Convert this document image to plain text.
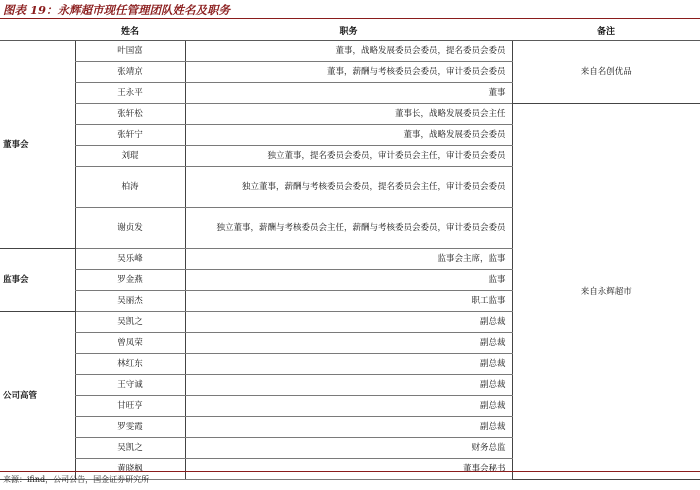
图表 19：永辉超市现任管理团队姓名及职务
	姓名	职务	备注
董事会	叶国富	董事，战略发展委员会委员，提名委员会委员	来自名创优品
	张靖京	董事，薪酬与考核委员会委员，审计委员会委员	
	王永平	董事	
	张轩松	董事长，战略发展委员会主任	来自永辉超市
	张轩宁	董事，战略发展委员会委员	
	刘琨	独立董事，提名委员会委员，审计委员会主任，审计委员会委员	
	柏涛	独立董事，薪酬与考核委员会委员，提名委员会主任，审计委员会委员	
	谢贞发	独立董事，薪酬与考核委员会主任，薪酬与考核委员会委员，审计委员会委员	
监事会	吴乐峰	监事会主席，监事	
	罗金燕	监事	
	吴丽杰	职工监事	
公司高管	吴凯之	副总裁	
	曾凤荣	副总裁	
	林红东	副总裁	
	王守诚	副总裁	
	甘旺亨	副总裁	
	罗雯霞	副总裁	
	吴凯之	财务总监	
	黄晓枫	董事会秘书	
来源：ifind，公司公告，国金证券研究所
